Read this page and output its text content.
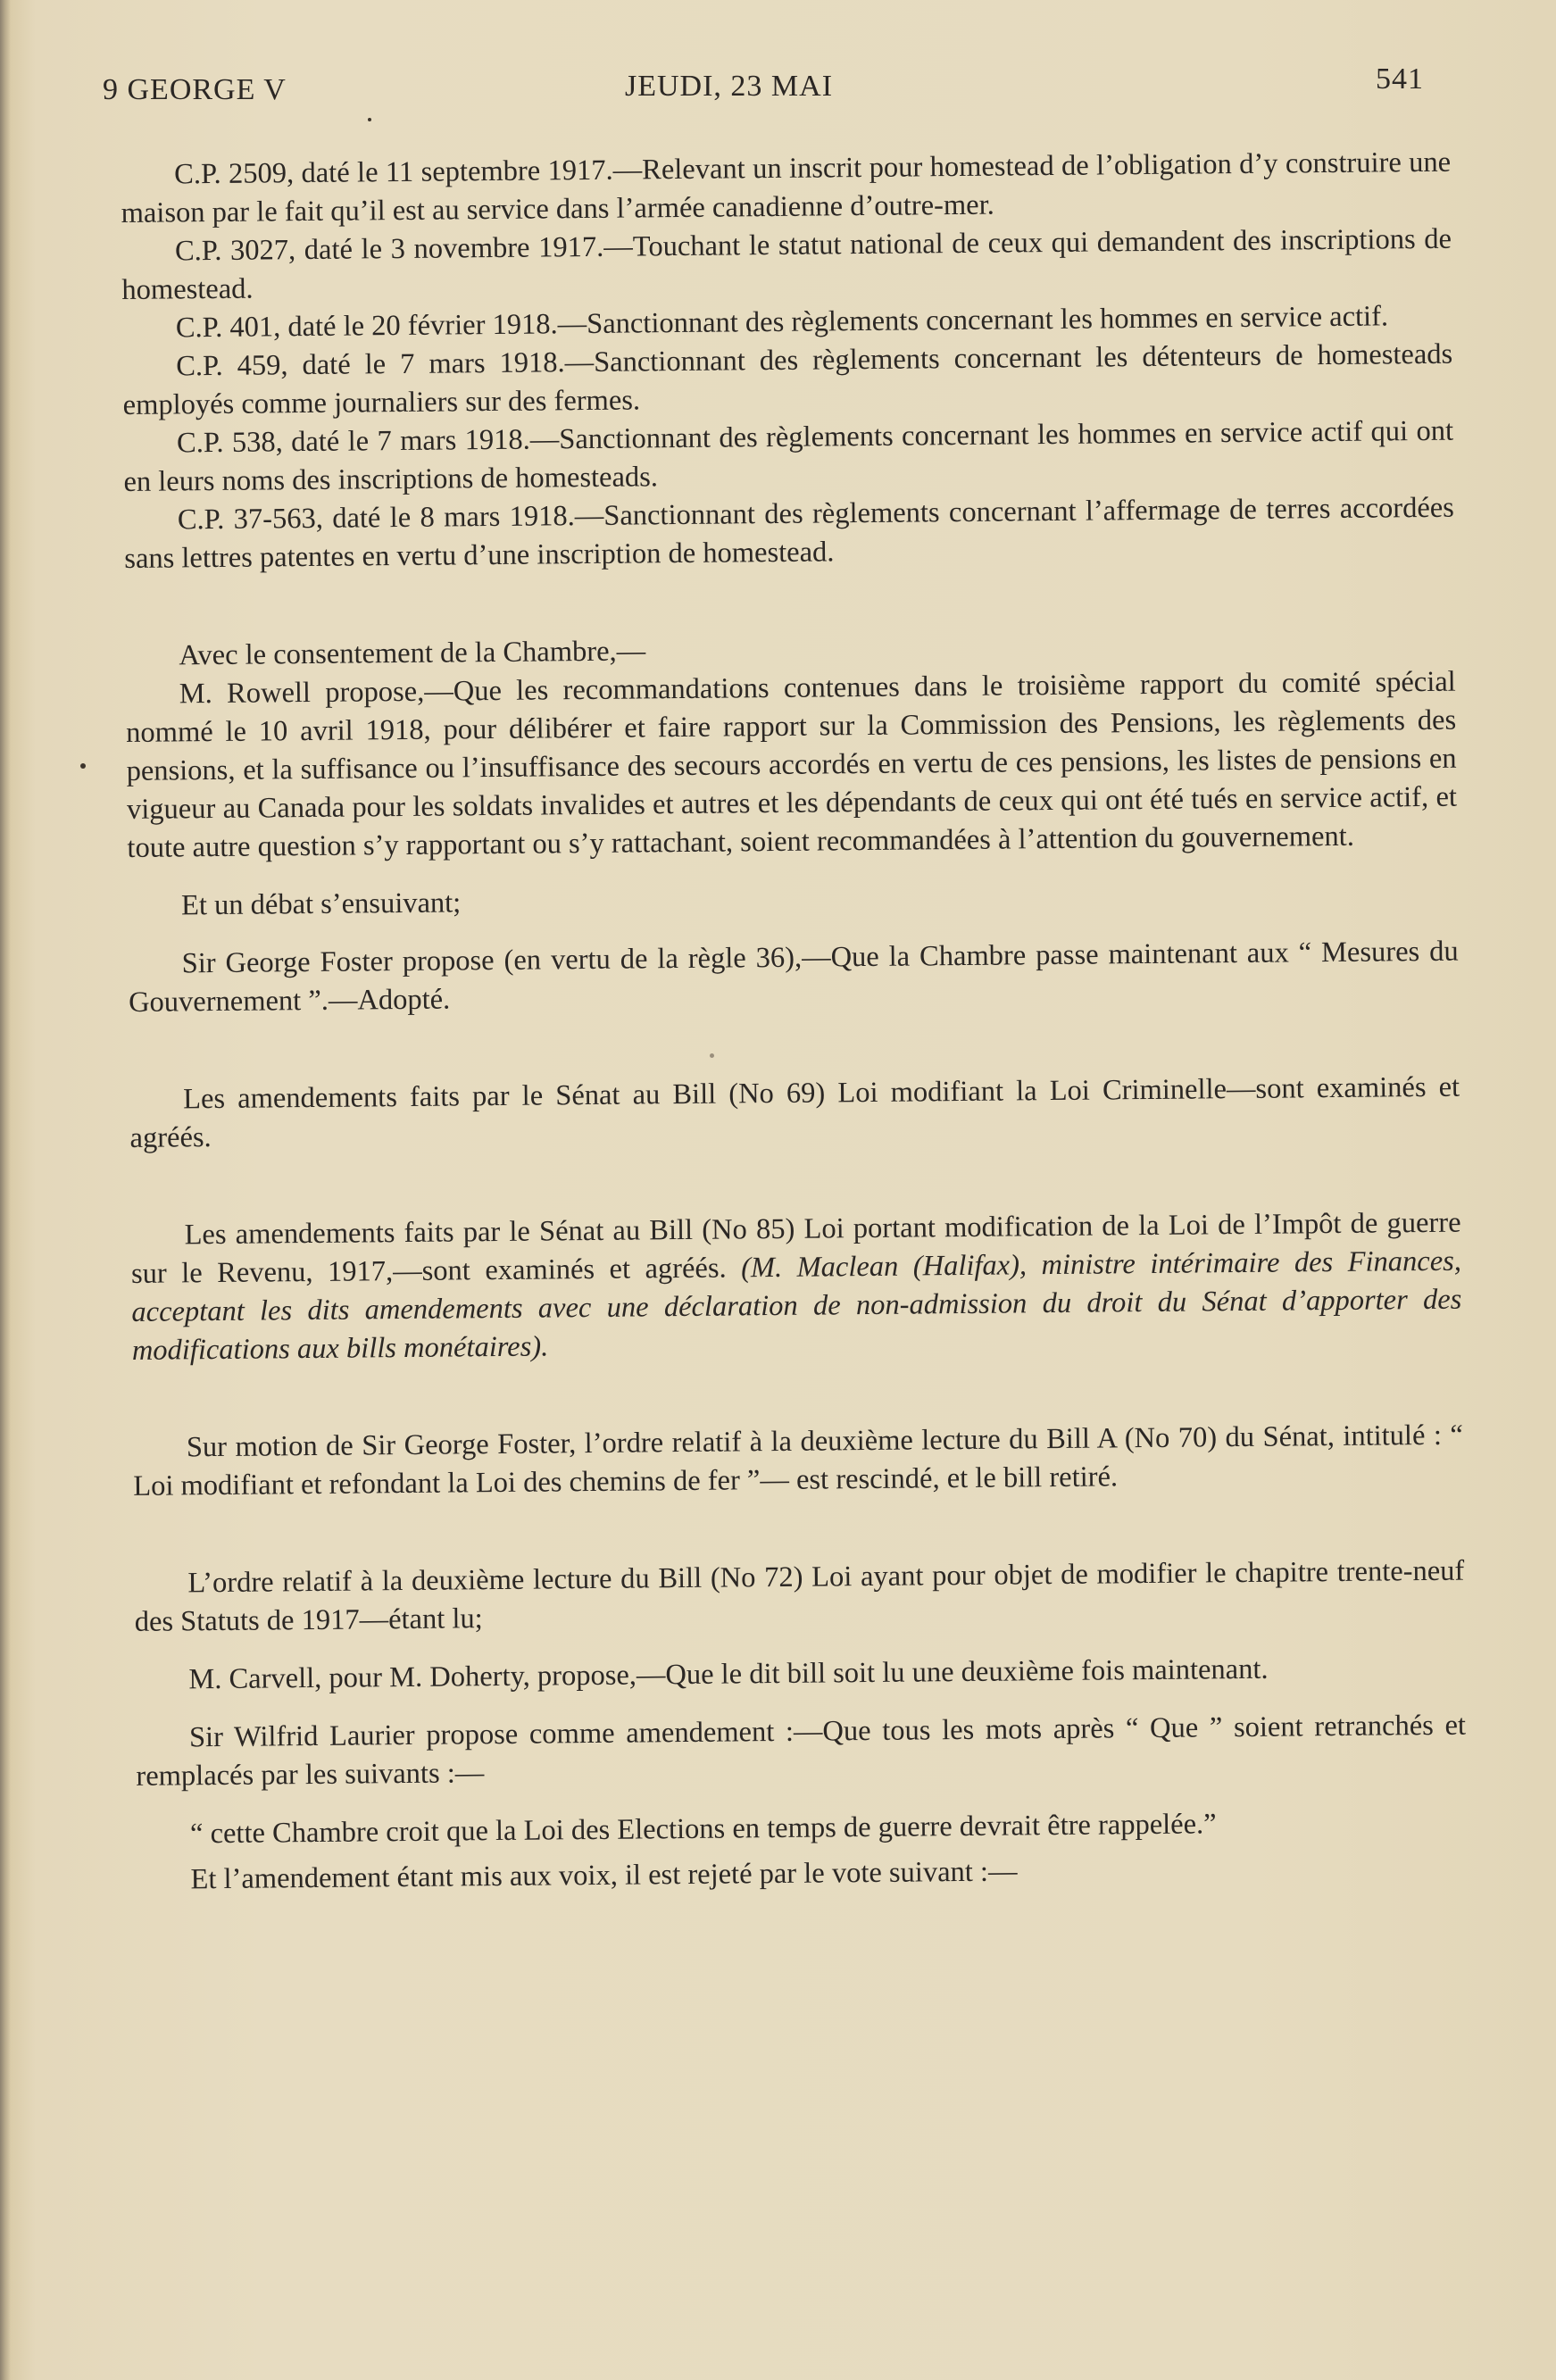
9 GEORGE V	JEUDI, 23 MAI	541

C.P. 2509, daté le 11 septembre 1917.—Relevant un inscrit pour homestead de l’obligation d’y construire une maison par le fait qu’il est au service dans l’armée canadienne d’outre-mer.

C.P. 3027, daté le 3 novembre 1917.—Touchant le statut national de ceux qui demandent des inscriptions de homestead.

C.P. 401, daté le 20 février 1918.—Sanctionnant des règlements concernant les hommes en service actif.

C.P. 459, daté le 7 mars 1918.—Sanctionnant des règlements concernant les détenteurs de homesteads employés comme journaliers sur des fermes.

C.P. 538, daté le 7 mars 1918.—Sanctionnant des règlements concernant les hommes en service actif qui ont en leurs noms des inscriptions de homesteads.

C.P. 37-563, daté le 8 mars 1918.—Sanctionnant des règlements concernant l’affermage de terres accordées sans lettres patentes en vertu d’une inscription de homestead.

Avec le consentement de la Chambre,—

M. Rowell propose,—Que les recommandations contenues dans le troisième rapport du comité spécial nommé le 10 avril 1918, pour délibérer et faire rapport sur la Commission des Pensions, les règlements des pensions, et la suffisance ou l’insuffisance des secours accordés en vertu de ces pensions, les listes de pensions en vigueur au Canada pour les soldats invalides et autres et les dépendants de ceux qui ont été tués en service actif, et toute autre question s’y rapportant ou s’y rattachant, soient recommandées à l’attention du gouvernement.

Et un débat s’ensuivant;

Sir George Foster propose (en vertu de la règle 36),—Que la Chambre passe maintenant aux “ Mesures du Gouvernement ”.—Adopté.

Les amendements faits par le Sénat au Bill (No 69) Loi modifiant la Loi Criminelle—sont examinés et agréés.

Les amendements faits par le Sénat au Bill (No 85) Loi portant modification de la Loi de l’Impôt de guerre sur le Revenu, 1917,—sont examinés et agréés. (M. Maclean (Halifax), ministre intérimaire des Finances, acceptant les dits amendements avec une déclaration de non-admission du droit du Sénat d’apporter des modifications aux bills monétaires).

Sur motion de Sir George Foster, l’ordre relatif à la deuxième lecture du Bill A (No 70) du Sénat, intitulé : “ Loi modifiant et refondant la Loi des chemins de fer ”— est rescindé, et le bill retiré.

L’ordre relatif à la deuxième lecture du Bill (No 72) Loi ayant pour objet de modifier le chapitre trente-neuf des Statuts de 1917—étant lu;

M. Carvell, pour M. Doherty, propose,—Que le dit bill soit lu une deuxième fois maintenant.

Sir Wilfrid Laurier propose comme amendement :—Que tous les mots après “ Que ” soient retranchés et remplacés par les suivants :—

“ cette Chambre croit que la Loi des Elections en temps de guerre devrait être rappelée.”

Et l’amendement étant mis aux voix, il est rejeté par le vote suivant :—
